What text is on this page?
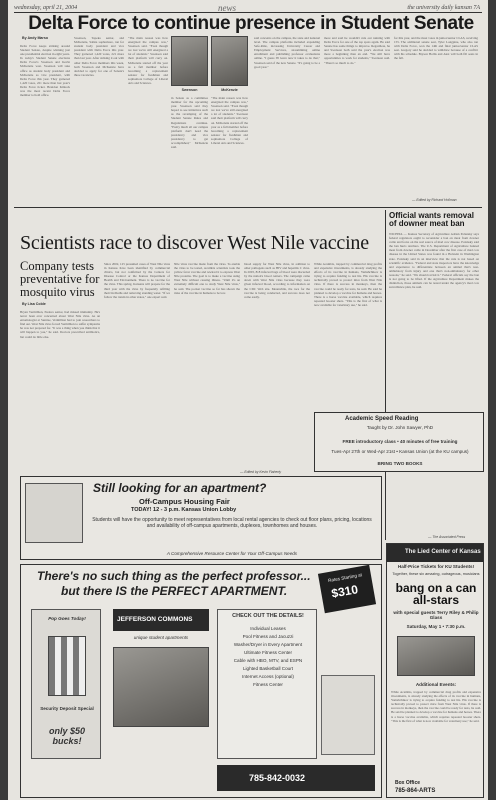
wednesday, april 21, 2004	news	the university daily kansan 7A
Delta Force to continue presence in Student Senate
By Andy Marso
Delta Force keeps striking around Student Senate, despite winning just one presidential election in eight years. In today's Student Senate elections Delta Force's Swenson and Kevin McKenzie won. Swenson will take office as student body president and McKenzie as vice president, with Delta Force this year. They garnered 1,420 votes, 221 more than last year's Delta Force ticket. Brandon Kinlock was the most recent Delta Force member to hold office.
Swenson, Topeka senior, and McKenzie, Salina sophomore, ran for student body president and vice president with Delta Force this year. They garnered 1,420 votes, 221 more than last year. After striking it out with other Delta Force members this week, both Swenson and McKenzie have decided to apply for one of Senate's three vacancies.
"The main reason was how energized the campus was," Swenson said. "Even though we lost we've still energized a lot of students." Swenson said their platform will carry on. McKenzie started off the year as a full member before becoming a replacement senator for freshman and sophomore College of Liberal Arts and Sciences.
Swenson	McKenzie
in Senate as a committee member for the upcoming year. Swenson said they hoped to see initiatives such as the revamping of the Student Senate Rules and Regulations continue. "Pretty much all our campus platform don't need the presidency and vice presidency to get accomplished," McKenzie said.
"The main reason was how energized the campus was," Swenson said. "Even though we lost we've still energized a lot of students." Swenson said their platform will carry on. McKenzie started off the year as a full member before becoming a replacement senator for freshman and sophomore College of Liberal Arts and Sciences.
said concerns on the campus, the state and national level. The campus platforms included expanding Safe-Ride, increasing University Career and Employment Services, streamlining online enrollment and publishing professor evaluations online. "I guess I'll leave new it takes to do that," Swenson said of the new Senate. "It's going to be a good year."
more and said he wouldn't rule out running with Delta Force for one of the top spots again. He said Senate has some things to improve. Regardless, he and Swenson both said the year's election was more a beginning than an end. "We still have opportunities to work for students," Swenson said. "There's so much to do."
for this year, and the most votes in junior/senior CLAS, receiving 155. The additional senate seat, Tyler Longpine, who also ran with Delta Force, won the 14th and final junior/senior CLAS seat. Gregory said he decided to withdraw because of a conflict with his schedule. Bryson Hollis and Alex will both fill seats in the fall.
— Edited by Richard Hollman
Official wants removal of downer meat ban
WICHITA — Kansas Secretary of Agriculture Adrian Polansky says federal regulators ought to reconsider a ban on meat from downer cattle and focus on the real source of mad cow disease. Polansky said the ban hurts ranchers. The U.S. Department of Agriculture banned meat from downer cattle in December after the first case of mad cow disease in the United States was found in a Holstein in Washington state. Polansky said in an interview that the rule is not based on scientific evidence. "Federal and state inspectors have the knowledge and experience to differentiate between an animal that's non-ambulatory from injury and one that's non-ambulatory for other reasons," he said. "We should revisit it." Federal officials say the ban is not going to be lifted. If the Agriculture Department makes the distinction, those animals can be tested under the agency's mad cow surveillance plan, he said.
— The Associated Press
Scientists race to discover West Nile vaccine
Company tests preventative for mosquito virus
By Lisa Coble
Bryan Vermillion, Eudora senior, had missed immunity. He's never been ever concerned about West Nile virus. As an entomologist at Sunrise, Vermillion had to join researchers to find out. West Nile virus forced Vermillion to suffer symptoms he was not prepared for. "It was a thing when you think that it will happen to you," he said. Doctors prescribed antibiotics, but could do little else.
Since 2002, 125 presumed cases of West Nile virus in Kansas have been identified by commercial clinics, but not confirmed by the Centers for Disease Control or the Kansas Department of Health and Environment. There is no vaccine for the virus. This spring, Kansans will prepare for the third year with the virus by frequently refilling their birdbaths and removing standing water. "If we follow the trends in other states," one expert said.
Nile virus vaccine made from the virus. To enable the virus to be tested, Acambis scientists took the yellow fever vaccine and rewired it to express West Nile proteins. The goal is to make a vaccine using West Nile without causing illness. "Until it's an extremely difficult one to study West Nile virus," he said. The pocket vaccine so far has shown the risks of the vaccine in humans to be low.
blood supply for West Nile virus, in addition to other pathogens such as HIV and hepatitis C virus. In 2003, 818 infected bags of blood were discarded by the nation's blood centers. The campaign came down with West Nile virus because they were given infected blood, according to information on the CDC Web site. Meanwhile, the race for the vaccine is being conducted, and success does not come easily.
While Acambis, trapped by commercial drug profits and expensive investments, is already studying the effects of its vaccine in humans, Yamshchikov is trying to acquire funding to test his. His vaccine is technically proved to protect mice from West Nile virus. If there is success in monkeys, then the vaccine could be ready for tests, he said. He said he planned to develop a vaccine for humans and horses. There is a horse vaccine available, which requires repeated booster shots. "This is the first of what is now available for veterinary use," he said.
— Edited by Kevin Flaherty
Academic Speed Reading
Taught by Dr. John Sawyer, PhD
FREE introductory class • 40 minutes of free training
Tues-Apr 27th or Wed-Apr 21st • Kansas Union (at the KU campus)
BRING TWO BOOKS
Still looking for an apartment?
Off-Campus Housing Fair
TODAY! 12 - 3 p.m. Kansas Union Lobby
Students will have the opportunity to meet representatives from local rental agencies to check out floor plans, pricing, locations and availability of off-campus apartments, duplexes, townhomes and houses.
A Comprehensive Resource Center for Your Off-Campus Needs	The Lied Center of Kansas
Half-Price Tickets for KU Students!
Together, these six amazing, outrageous, musicians
bang on a can all-stars
with special guests Terry Riley & Philip Glass
Saturday, May 1 • 7:30 p.m.
Additional Events:
While Acambis, trapped by commercial drug profits and expensive investments, is already studying the effects of its vaccine in humans, Yamshchikov is trying to acquire funding to test his. His vaccine is technically proved to protect mice from West Nile virus. If there is success in monkeys, then the vaccine could be ready for tests, he said. He said he planned to develop a vaccine for humans and horses. There is a horse vaccine available, which requires repeated booster shots. "This is the first of what is now available for veterinary use," he said.
Box Office
785-864-ARTS
There's no such thing as the perfect professor...
but there IS the PERFECT APARTMENT.
Rates Starting at
$310
Pop Goes Today!
Security Deposit Special
only $50 bucks!
JEFFERSON COMMONS
unique student apartments
CHECK OUT THE DETAILS!
Individual Leases
Pool Fitness and Jacuzzi
Washer/Dryer in Every Apartment
Ultimate Fitness Center
Cable with HBO, MTV, and ESPN
Lighted Basketball Court
Internet Access (optional)
Fitness Center
785-842-0032
